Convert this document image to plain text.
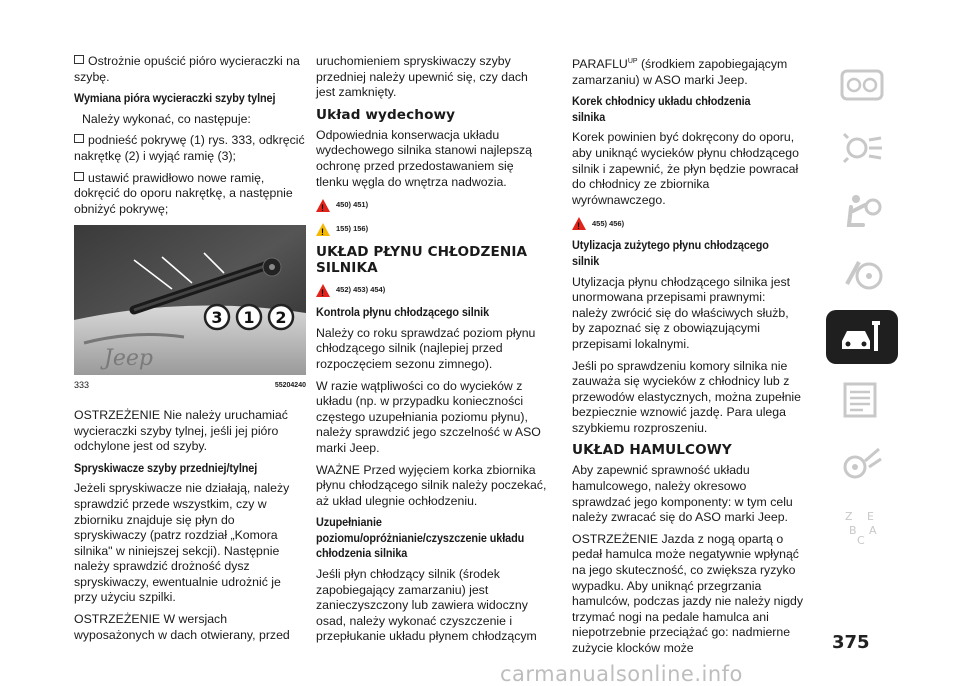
Ostrożnie opuścić pióro wycieraczki na szybę.

Wymiana pióra wycieraczki szyby tylnej

Należy wykonać, co następuje:

podnieść pokrywę (1) rys. 333, odkręcić nakrętkę (2) i wyjąć ramię (3);

ustawić prawidłowo nowe ramię, dokręcić do oporu nakrętkę, a następnie obniżyć pokrywę;

Jeep
3 1 2
333	55204240

OSTRZEŻENIE Nie należy uruchamiać wycieraczki szyby tylnej, jeśli jej pióro odchylone jest od szyby.

Spryskiwacze szyby przedniej/tylnej

Jeżeli spryskiwacze nie działają, należy sprawdzić przede wszystkim, czy w zbiorniku znajduje się płyn do spryskiwaczy (patrz rozdział „Komora silnika" w niniejszej sekcji). Następnie należy sprawdzić drożność dysz spryskiwaczy, ewentualnie udrożnić je przy użyciu szpilki.

OSTRZEŻENIE W wersjach wyposażonych w dach otwierany, przed

uruchomieniem spryskiwaczy szyby przedniej należy upewnić się, czy dach jest zamknięty.

Układ wydechowy

Odpowiednia konserwacja układu wydechowego silnika stanowi najlepszą ochronę przed przedostawaniem się tlenku węgla do wnętrza nadwozia.

!
450) 451)
!
155) 156)
UKŁAD PŁYNU CHŁODZENIA SILNIKA
!
452) 453) 454)
Kontrola płynu chłodzącego silnik

Należy co roku sprawdzać poziom płynu chłodzącego silnik (najlepiej przed rozpoczęciem sezonu zimnego).

W razie wątpliwości co do wycieków z układu (np. w przypadku konieczności częstego uzupełniania poziomu płynu), należy sprawdzić jego szczelność w ASO marki Jeep.

WAŻNE Przed wyjęciem korka zbiornika płynu chłodzącego silnik należy poczekać, aż układ ulegnie ochłodzeniu.

Uzupełnianie poziomu/opróżnianie/czyszczenie układu chłodzenia silnika

Jeśli płyn chłodzący silnik (środek zapobiegający zamarzaniu) jest zanieczyszczony lub zawiera widoczny osad, należy wykonać czyszczenie i przepłukanie układu płynem chłodzącym

$PARAFLU^{UP}$ (środkiem zapobiegającym zamarzaniu) w ASO marki Jeep.

Korek chłodnicy układu chłodzenia silnika

Korek powinien być dokręcony do oporu, aby uniknąć wycieków płynu chłodzącego silnik i zapewnić, że płyn będzie powracał do chłodnicy ze zbiornika wyrównawczego.

!
455) 456)
Utylizacja zużytego płynu chłodzącego silnik

Utylizacja płynu chłodzącego silnika jest unormowana przepisami prawnymi: należy zwrócić się do właściwych służb, by zapoznać się z obowiązującymi przepisami lokalnymi.

Jeśli po sprawdzeniu komory silnika nie zauważa się wycieków z chłodnicy lub z przewodów elastycznych, można zupełnie bezpiecznie wznowić jazdę. Para ulega szybkiemu rozproszeniu.

UKŁAD HAMULCOWY

Aby zapewnić sprawność układu hamulcowego, należy okresowo sprawdzać jego komponenty: w tym celu należy zwracać się do ASO marki Jeep.

OSTRZEŻENIE Jazda z nogą opartą o pedał hamulca może negatywnie wpłynąć na jego skuteczność, co zwiększa ryzyko wypadku. Aby uniknąć przegrzania hamulców, podczas jazdy nie należy nigdy trzymać nogi na pedale hamulca ani niepotrzebnie przeciążać go: nadmierne zużycie klocków może

Z E
B A
C
375
carmanualsonline.info
